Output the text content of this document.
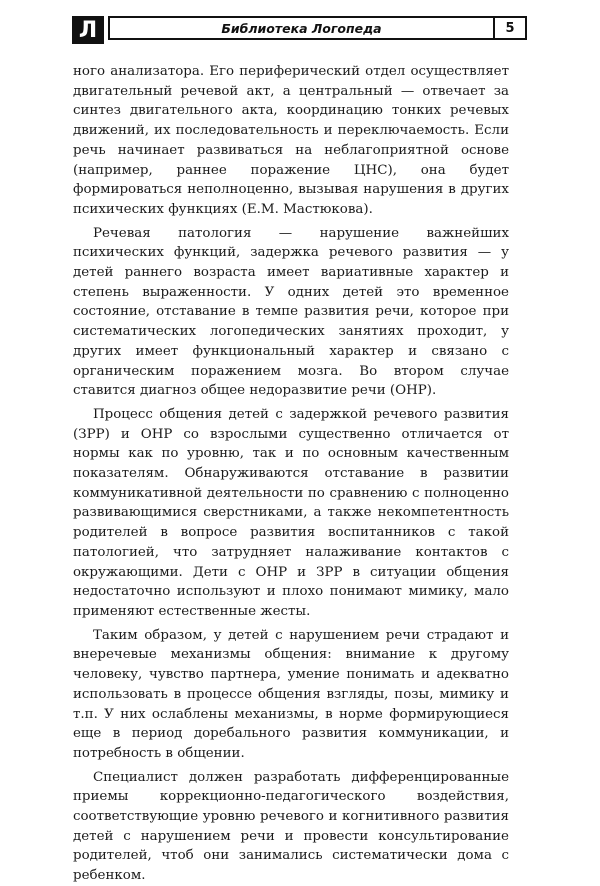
Л	Библиотека Логопеда	5

ного анализатора. Его периферический отдел осуществляет двигательный речевой акт, а центральный — отвечает за синтез двигательного акта, координацию тонких речевых движений, их последовательность и переключаемость. Если речь начинает развиваться на неблагоприятной основе (например, раннее поражение ЦНС), она будет формироваться неполноценно, вызывая нарушения в других психических функциях (Е.М. Мастюкова).

Речевая патология — нарушение важнейших психических функций, задержка речевого развития — у детей раннего возраста имеет вариативные характер и степень выраженности. У одних детей это временное состояние, отставание в темпе развития речи, которое при систематических логопедических занятиях проходит, у других имеет функциональный характер и связано с органическим поражением мозга. Во втором случае ставится диагноз общее недоразвитие речи (ОНР).

Процесс общения детей с задержкой речевого развития (ЗРР) и ОНР со взрослыми существенно отличается от нормы как по уровню, так и по основным качественным показателям. Обнаруживаются отставание в развитии коммуникативной деятельности по сравнению с полноценно развивающимися сверстниками, а также некомпетентность родителей в вопросе развития воспитанников с такой патологией, что затрудняет налаживание контактов с окружающими. Дети с ОНР и ЗРР в ситуации общения недостаточно используют и плохо понимают мимику, мало применяют естественные жесты.

Таким образом, у детей с нарушением речи страдают и внеречевые механизмы общения: внимание к другому человеку, чувство партнера, умение понимать и адекватно использовать в процессе общения взгляды, позы, мимику и т.п. У них ослаблены механизмы, в норме формирующиеся еще в период доребального развития коммуникации, и потребность в общении.

Специалист должен разработать дифференцированные приемы коррекционно-педагогического воздействия, соответствующие уровню речевого и когнитивного развития детей с нарушением речи и провести консультирование родителей, чтоб они занимались систематически дома с ребенком.
